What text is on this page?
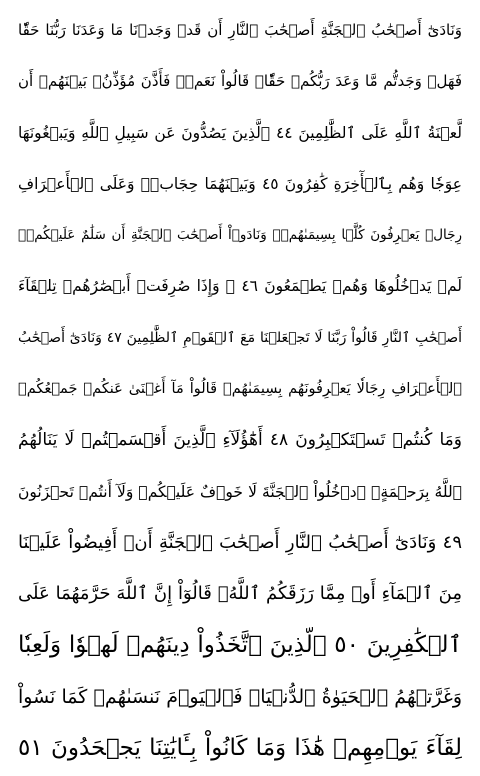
وَنَادَىٰٓ أَصۡحَٰبُ ٱلۡجَنَّةِ أَصۡحَٰبَ ٱلنَّارِ أَن قَدۡ وَجَدۡنَا مَا وَعَدَنَا رَبُّنَا حَقّٗا
فَهَلۡ وَجَدتُّم مَّا وَعَدَ رَبُّكُمۡ حَقّٗاۖ قَالُواْ نَعَمۡۚ فَأَذَّنَ مُؤَذِّنُۢ بَيۡنَهُمۡ أَن
لَّعۡنَةُ ٱللَّهِ عَلَى ٱلظَّٰلِمِينَ ٤٤ ٱلَّذِينَ يَصُدُّونَ عَن سَبِيلِ ٱللَّهِ وَيَبۡغُونَهَا
عِوَجٗا وَهُم بِٱلۡأٓخِرَةِ كَٰفِرُونَ ٤٥ وَبَيۡنَهُمَا حِجَابٞۚ وَعَلَى ٱلۡأَعۡرَافِ
رِجَالٞ يَعۡرِفُونَ كُلَّۢا بِسِيمَىٰهُمۡۚ وَنَادَوۡاْ أَصۡحَٰبَ ٱلۡجَنَّةِ أَن سَلَٰمٌ عَلَيۡكُمۡۚ
لَمۡ يَدۡخُلُوهَا وَهُمۡ يَطۡمَعُونَ ٤٦ ۞ وَإِذَا صُرِفَتۡ أَبۡصَٰرُهُمۡ تِلۡقَآءَ
أَصۡحَٰبِ ٱلنَّارِ قَالُواْ رَبَّنَا لَا تَجۡعَلۡنَا مَعَ ٱلۡقَوۡمِ ٱلظَّٰلِمِينَ ٤٧ وَنَادَىٰٓ أَصۡحَٰبُ
ٱلۡأَعۡرَافِ رِجَالٗا يَعۡرِفُونَهُم بِسِيمَىٰهُمۡ قَالُواْ مَآ أَغۡنَىٰ عَنكُمۡ جَمۡعُكُمۡ
وَمَا كُنتُمۡ تَسۡتَكۡبِرُونَ ٤٨ أَهَٰٓؤُلَآءِ ٱلَّذِينَ أَقۡسَمۡتُمۡ لَا يَنَالُهُمُ
ٱللَّهُ بِرَحۡمَةٍۚ ٱدۡخُلُواْ ٱلۡجَنَّةَ لَا خَوۡفٌ عَلَيۡكُمۡ وَلَآ أَنتُمۡ تَحۡزَنُونَ
٤٩ وَنَادَىٰٓ أَصۡحَٰبُ ٱلنَّارِ أَصۡحَٰبَ ٱلۡجَنَّةِ أَنۡ أَفِيضُواْ عَلَيۡنَا
مِنَ ٱلۡمَآءِ أَوۡ مِمَّا رَزَقَكُمُ ٱللَّهُۚ قَالُوٓاْ إِنَّ ٱللَّهَ حَرَّمَهُمَا عَلَى
ٱلۡكَٰفِرِينَ ٥٠ ٱلَّذِينَ ٱتَّخَذُواْ دِينَهُمۡ لَهۡوٗا وَلَعِبٗا
وَغَرَّتۡهُمُ ٱلۡحَيَوٰةُ ٱلدُّنۡيَاۚ فَٱلۡيَوۡمَ نَنسَىٰهُمۡ كَمَا نَسُواْ
لِقَآءَ يَوۡمِهِمۡ هَٰذَا وَمَا كَانُواْ بِـَٔايَٰتِنَا يَجۡحَدُونَ ٥١
